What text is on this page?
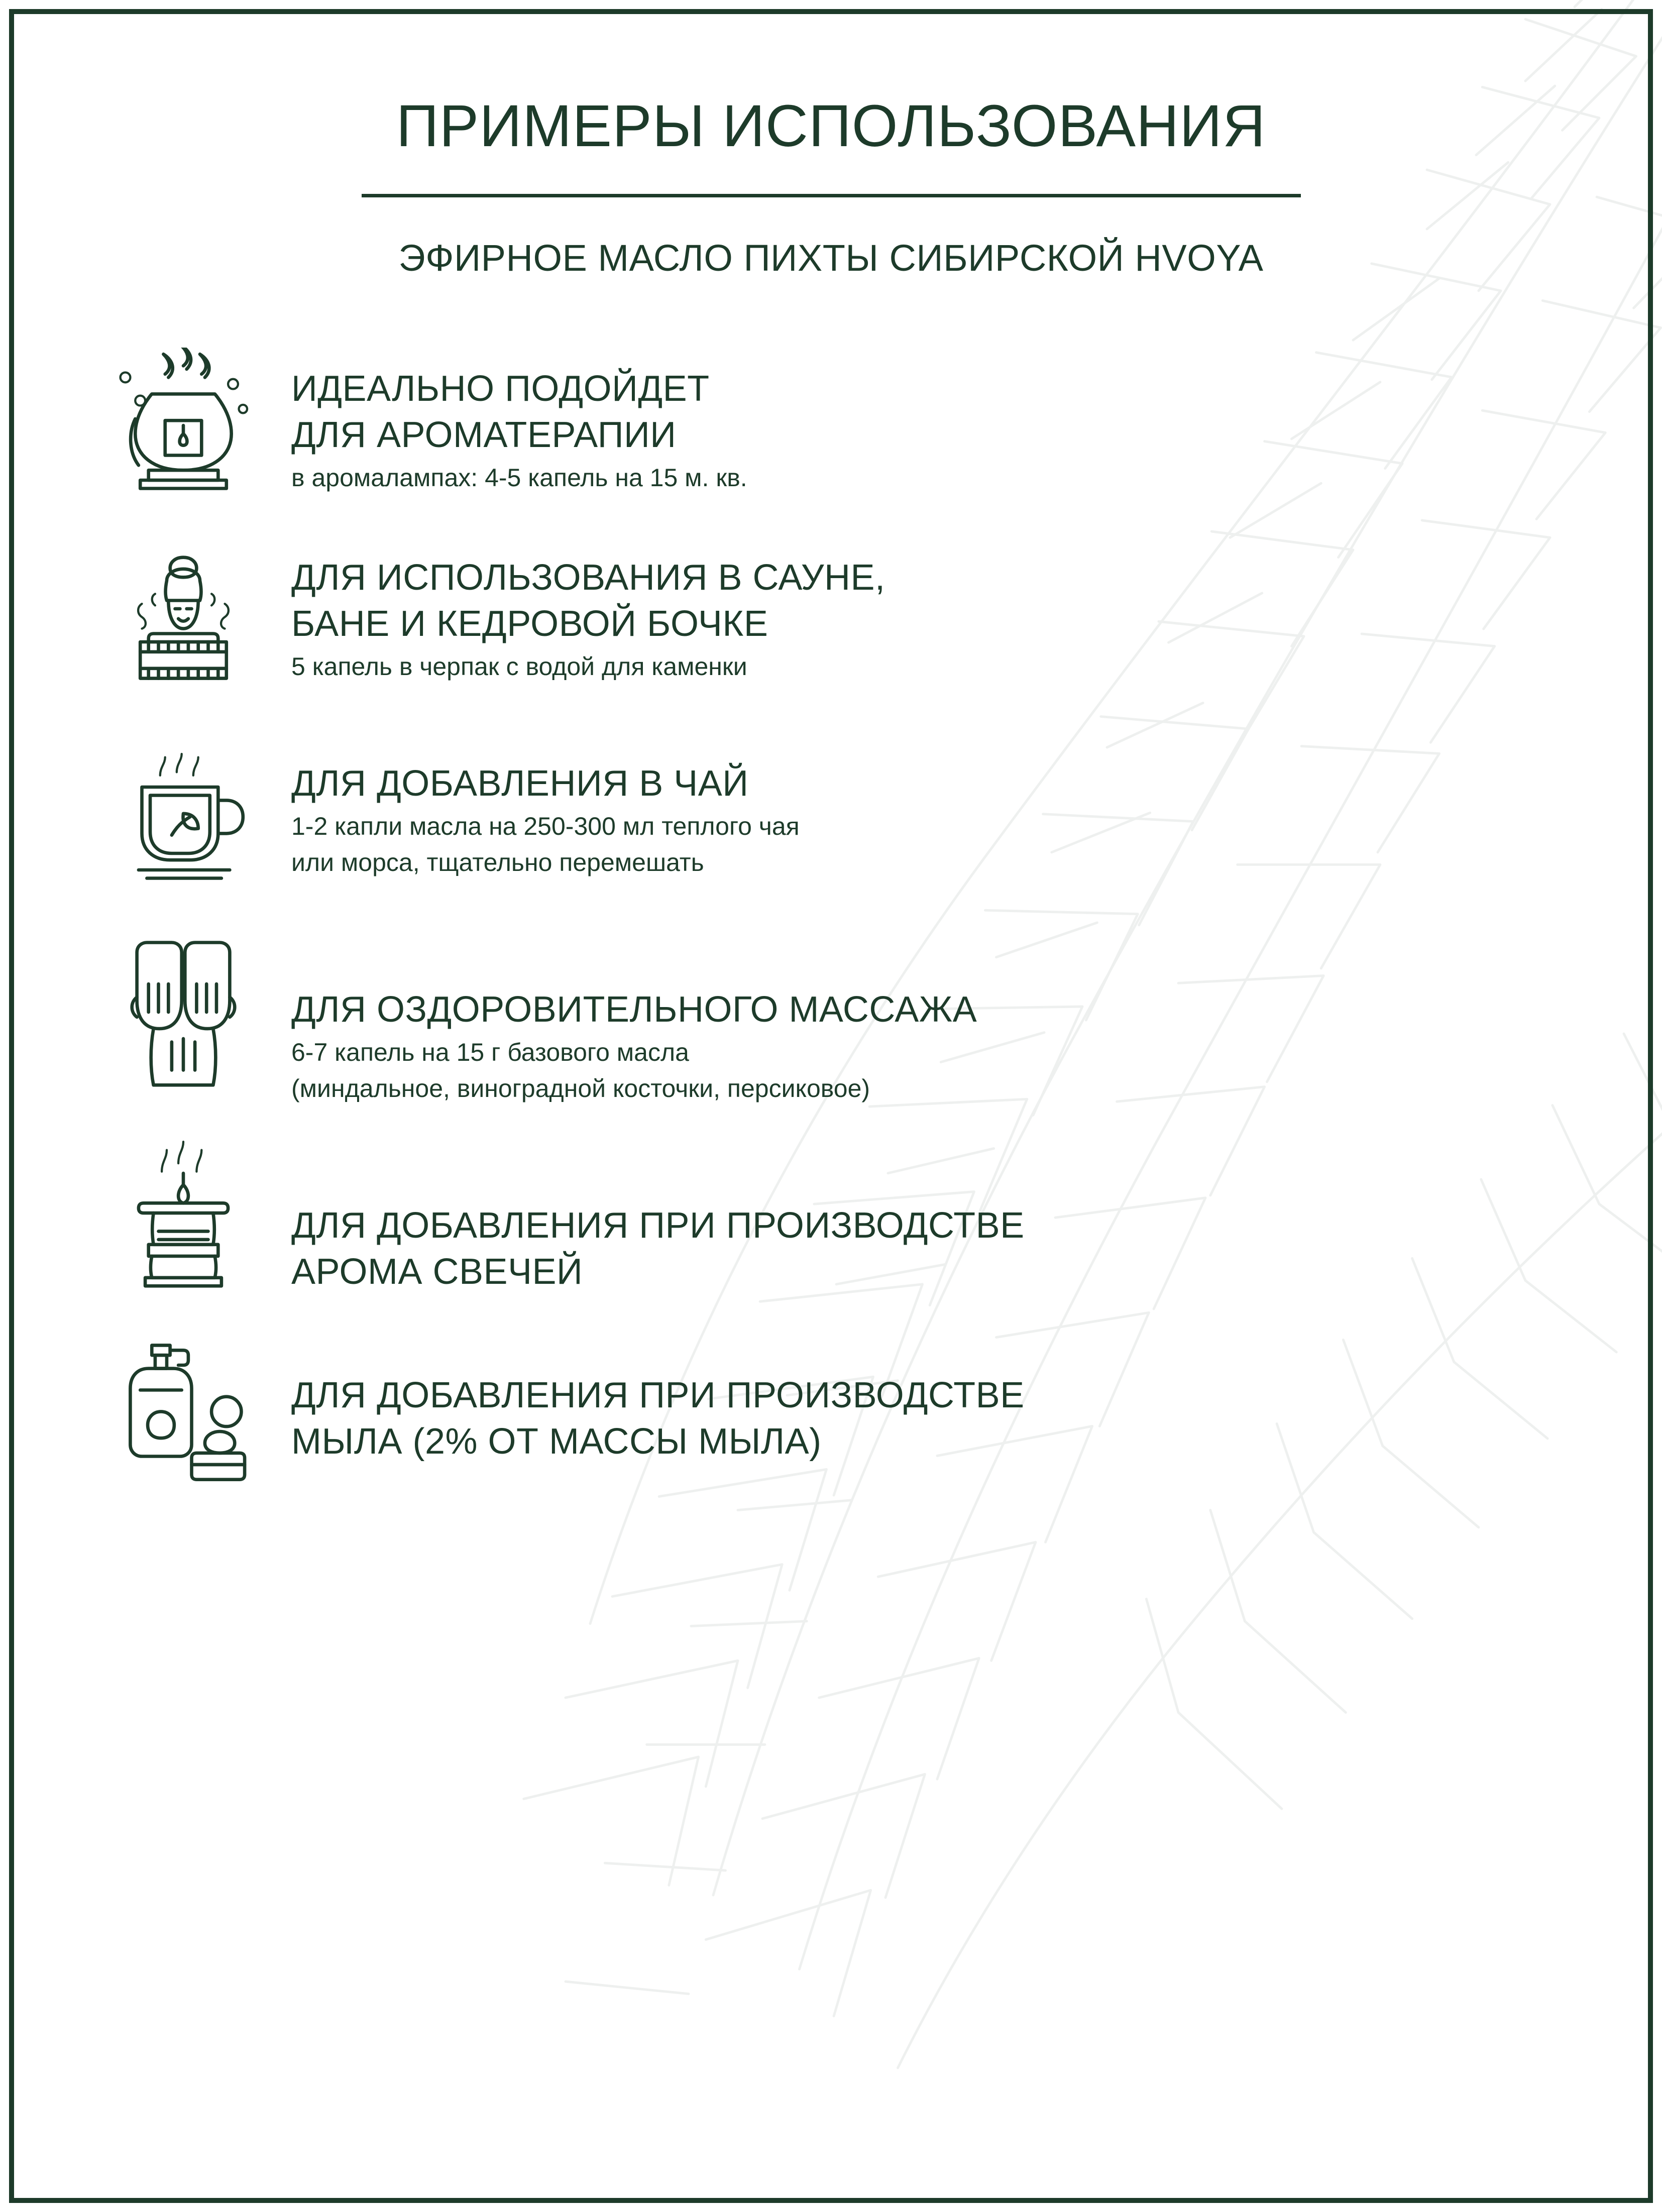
ПРИМЕРЫ ИСПОЛЬЗОВАНИЯ
ЭФИРНОЕ МАСЛО ПИХТЫ СИБИРСКОЙ HVOYA
ИДЕАЛЬНО ПОДОЙДЕТ
ДЛЯ АРОМАТЕРАПИИ
в аромалампах: 4-5 капель на 15 м. кв.
ДЛЯ ИСПОЛЬЗОВАНИЯ В САУНЕ,
БАНЕ И КЕДРОВОЙ БОЧКЕ
5 капель в черпак с водой для каменки
ДЛЯ ДОБАВЛЕНИЯ В ЧАЙ
1-2 капли масла на 250-300 мл теплого чая
или морса, тщательно перемешать
ДЛЯ ОЗДОРОВИТЕЛЬНОГО МАССАЖА
6-7 капель на 15 г базового масла
(миндальное, виноградной косточки, персиковое)
ДЛЯ ДОБАВЛЕНИЯ ПРИ ПРОИЗВОДСТВЕ
АРОМА СВЕЧЕЙ
ДЛЯ ДОБАВЛЕНИЯ ПРИ ПРОИЗВОДСТВЕ
МЫЛА (2% ОТ МАССЫ МЫЛА)
